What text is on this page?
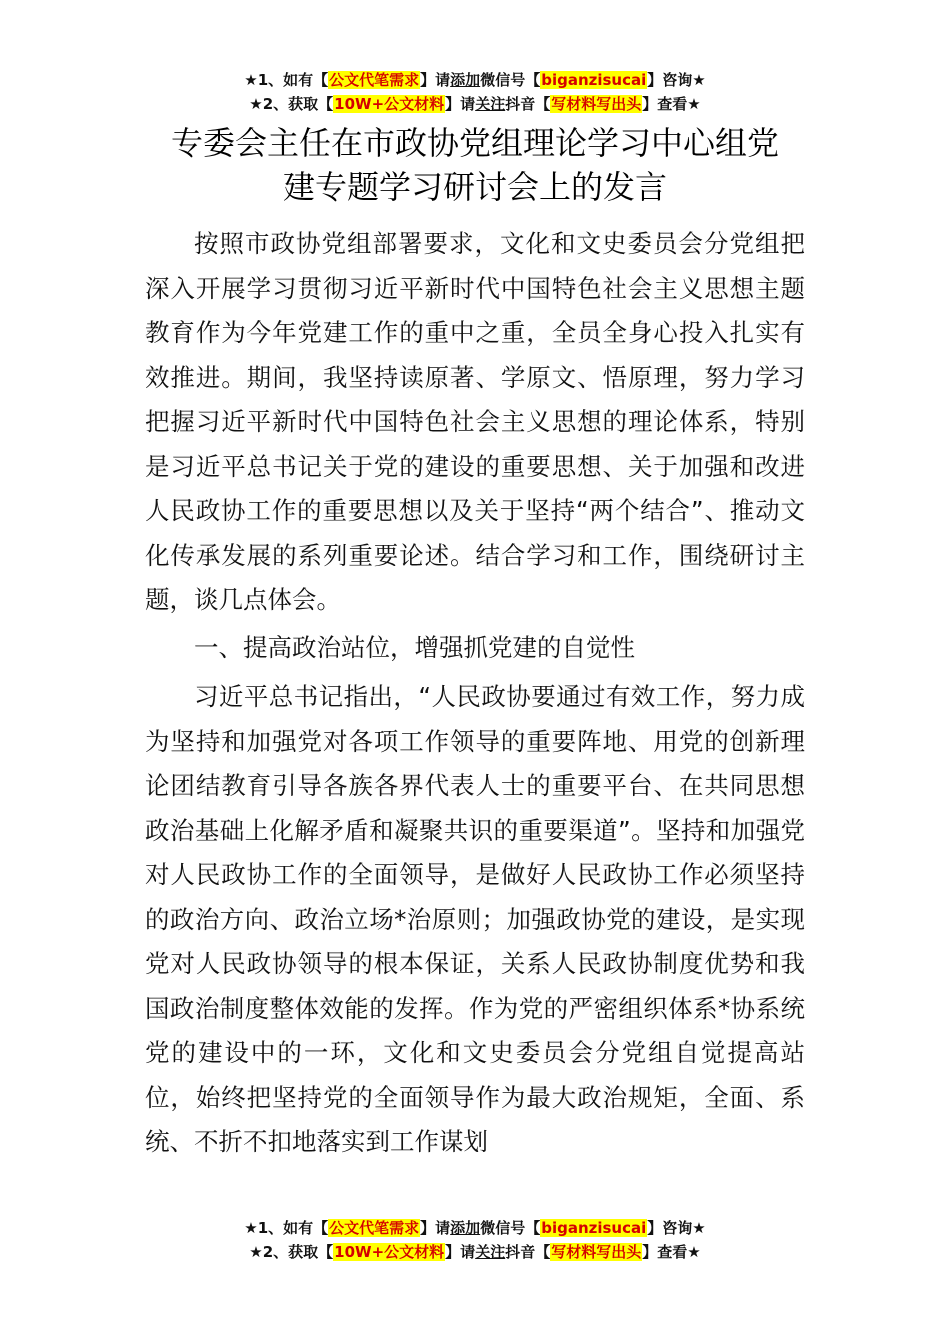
★1、如有【公文代笔需求】请添加微信号【biganzisucai】咨询★
★2、获取【10W+公文材料】请关注抖音【写材料写出头】查看★
专委会主任在市政协党组理论学习中心组党
建专题学习研讨会上的发言

按照市政协党组部署要求，文化和文史委员会分党组把深入开展学习贯彻习近平新时代中国特色社会主义思想主题教育作为今年党建工作的重中之重，全员全身心投入扎实有效推进。期间，我坚持读原著、学原文、悟原理，努力学习把握习近平新时代中国特色社会主义思想的理论体系，特别是习近平总书记关于党的建设的重要思想、关于加强和改进人民政协工作的重要思想以及关于坚持“两个结合”、推动文化传承发展的系列重要论述。结合学习和工作，围绕研讨主题，谈几点体会。

一、提高政治站位，增强抓党建的自觉性

习近平总书记指出，“人民政协要通过有效工作，努力成为坚持和加强党对各项工作领导的重要阵地、用党的创新理论团结教育引导各族各界代表人士的重要平台、在共同思想政治基础上化解矛盾和凝聚共识的重要渠道”。坚持和加强党对人民政协工作的全面领导，是做好人民政协工作必须坚持的政治方向、政治立场*治原则；加强政协党的建设，是实现党对人民政协领导的根本保证，关系人民政协制度优势和我国政治制度整体效能的发挥。作为党的严密组织体系*协系统党的建设中的一环，文化和文史委员会分党组自觉提高站位，始终把坚持党的全面领导作为最大政治规矩，全面、系统、不折不扣地落实到工作谋划

★1、如有【公文代笔需求】请添加微信号【biganzisucai】咨询★
★2、获取【10W+公文材料】请关注抖音【写材料写出头】查看★
